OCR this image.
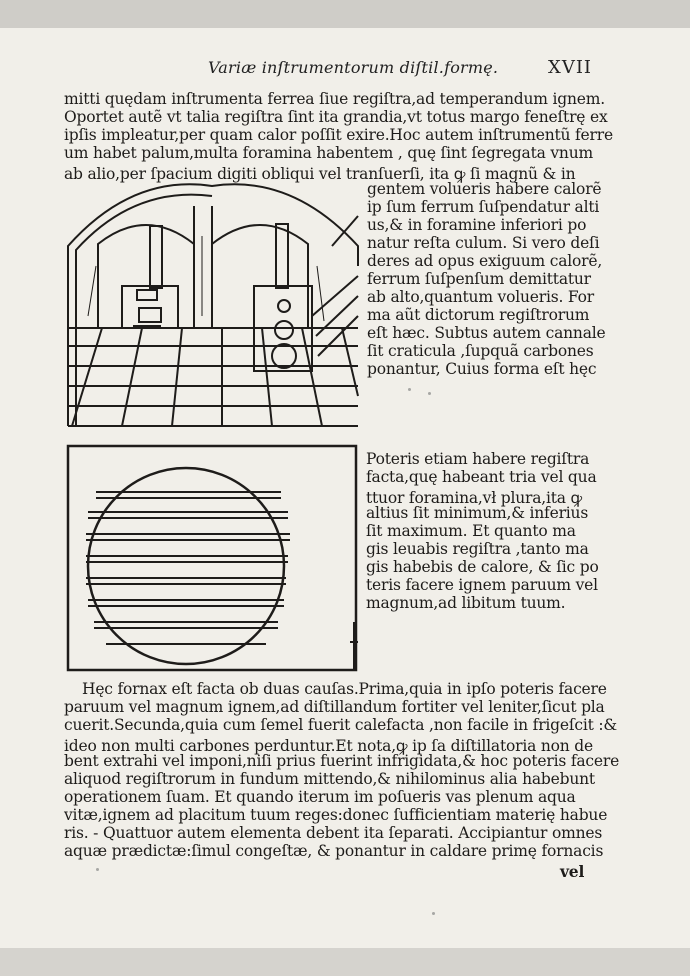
Variæ inſtrumentorum diſtil.formę.	XVII
mitti quędam inſtrumenta ferrea ſiue regiſtra,ad temperandum ignem.
Oportet autẽ vt talia regiſtra ſint ita grandia,vt totus margo feneſtrę ex
ipſis impleatur,per quam calor poſſit exire.Hoc autem inſtrumentũ ferre
um habet palum,multa foramina habentem , quę ſint ſegregata vnum
ab alio,per ſpacium digiti obliqui vel tranſuerſi, ita ꝙ ſi magnũ & in
gentem volueris habere calorẽ
ip ſum ferrum ſuſpendatur alti
us,& in foramine inferiori po
natur reſta culum. Si vero deſi
deres ad opus exiguum calorẽ,
ferrum ſuſpenſum demittatur
ab alto,quantum volueris. For
ma aũt dictorum regiſtrorum
eſt hæc. Subtus autem cannale
ſit craticula ,ſupquã carbones
ponantur, Cuius forma eſt hęc
Poteris etiam habere regiſtra
facta,quę habeant tria vel qua
ttuor foramina,vł plura,ita ꝙ
altius ſit minimum,& inferius
ſit maximum. Et quanto ma
gis leuabis regiſtra ,tanto ma
gis habebis de calore, & ſic po
teris facere ignem paruum vel
magnum,ad libitum tuum.
Hęc fornax eſt facta ob duas cauſas.Prima,quia in ipſo poteris facere
paruum vel magnum ignem,ad diſtillandum fortiter vel leniter,ſicut pla
cuerit.Secunda,quia cum ſemel fuerit calefacta ,non facile in frigeſcit :&
ideo non multi carbones perduntur.Et nota,ꝙ ip ſa diſtillatoria non de
bent extrahi vel imponi,niſi prius fuerint infrigidata,& hoc poteris facere
aliquod regiſtrorum in fundum mittendo,& nihilominus alia habebunt
operationem ſuam. Et quando iterum im poſueris vas plenum aqua
vitæ,ignem ad placitum tuum reges:donec ſufficientiam materię habue
ris. - Quattuor autem elementa debent ita ſeparati. Accipiantur omnes
aquæ prædictæ:ſimul congeſtæ, & ponantur in caldare primę fornacis
vel
